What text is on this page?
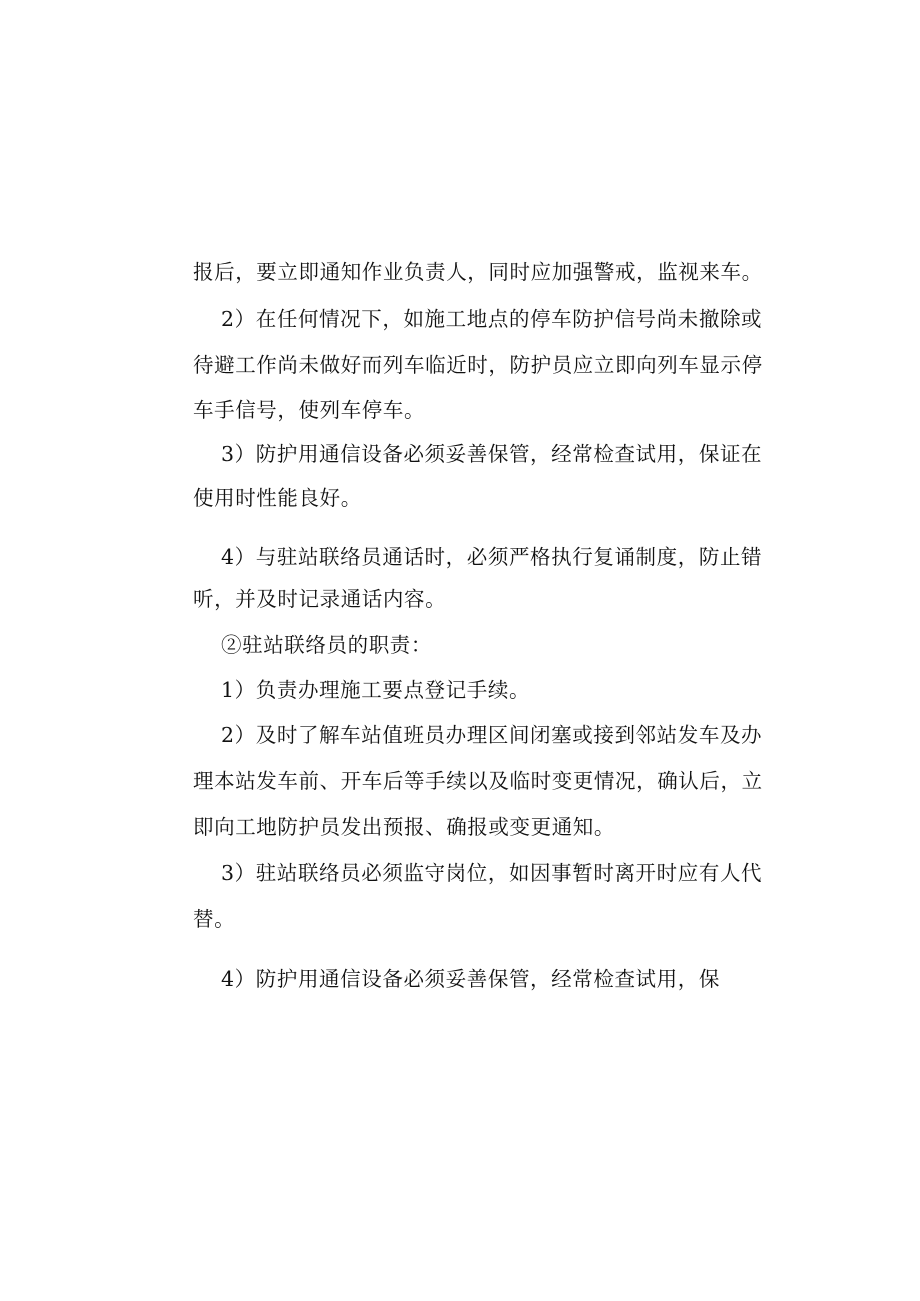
报后，要立即通知作业负责人，同时应加强警戒，监视来车。
2）在任何情况下，如施工地点的停车防护信号尚未撤除或
待避工作尚未做好而列车临近时，防护员应立即向列车显示停
车手信号，使列车停车。
3）防护用通信设备必须妥善保管，经常检查试用，保证在
使用时性能良好。
4）与驻站联络员通话时，必须严格执行复诵制度，防止错
听，并及时记录通话内容。
②驻站联络员的职责：
1）负责办理施工要点登记手续。
2）及时了解车站值班员办理区间闭塞或接到邻站发车及办
理本站发车前、开车后等手续以及临时变更情况，确认后，立
即向工地防护员发出预报、确报或变更通知。
3）驻站联络员必须监守岗位，如因事暂时离开时应有人代
替。
4）防护用通信设备必须妥善保管，经常检查试用，保
